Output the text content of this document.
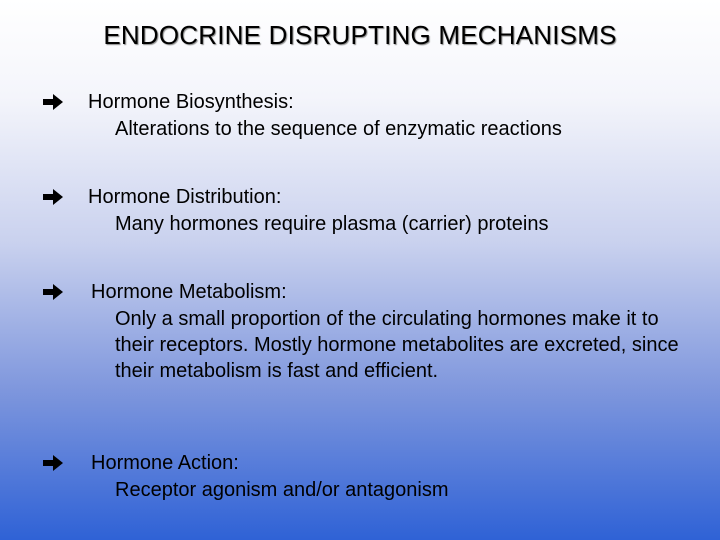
ENDOCRINE DISRUPTING MECHANISMS
Hormone Biosynthesis :
Alterations to the sequence of enzymatic reactions
Hormone Distribution :
Many hormones require plasma (carrier) proteins
Hormone Metabolism:
Only a small proportion of the circulating hormones make it to their receptors. Mostly hormone metabolites are excreted, since their metabolism is fast and efficient.
Hormone Action :
Receptor agonism and/or antagonism
